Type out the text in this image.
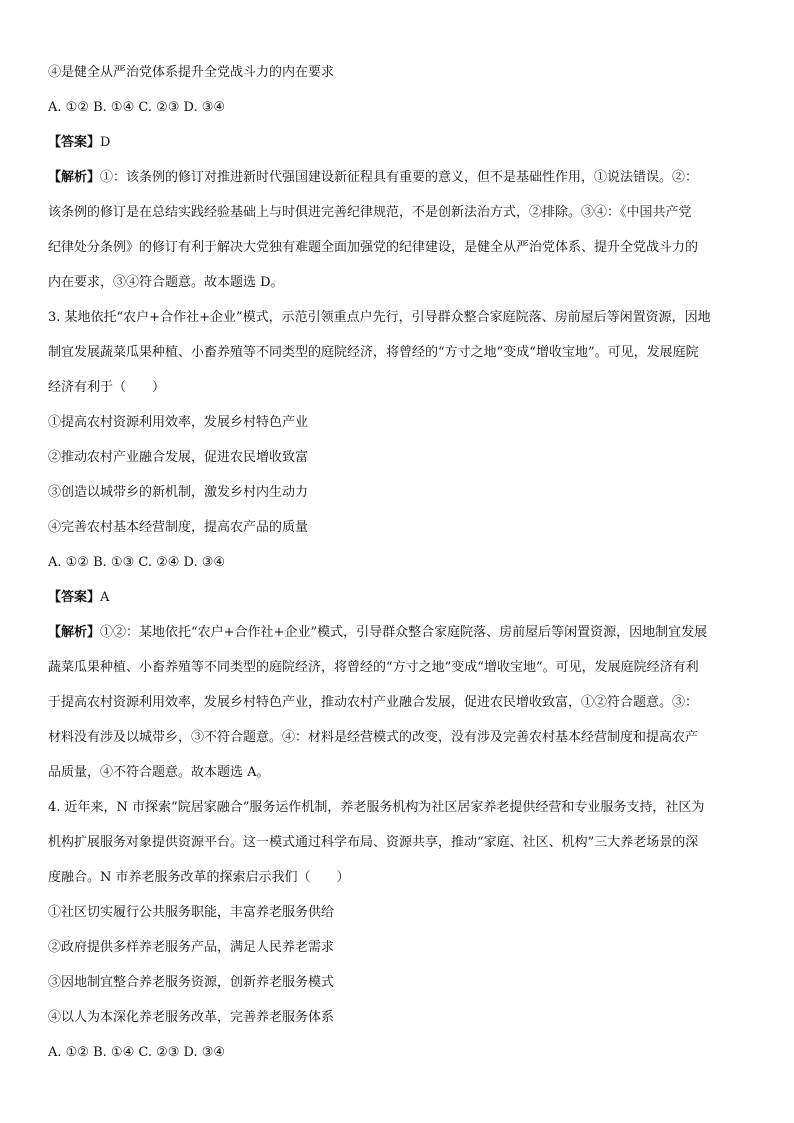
④是健全从严治党体系提升全党战斗力的内在要求
A. ①② B. ①④ C. ②③ D. ③④
【答案】D
【解析】①：该条例的修订对推进新时代强国建设新征程具有重要的意义，但不是基础性作用，①说法错误。②：
该条例的修订是在总结实践经验基础上与时俱进完善纪律规范，不是创新法治方式，②排除。③④：《中国共产党
纪律处分条例》的修订有利于解决大党独有难题全面加强党的纪律建设，是健全从严治党体系、提升全党战斗力的
内在要求，③④符合题意。故本题选 D。
3. 某地依托“农户+合作社+企业”模式，示范引领重点户先行，引导群众整合家庭院落、房前屋后等闲置资源，因地
制宜发展蔬菜瓜果种植、小畜养殖等不同类型的庭院经济，将曾经的“方寸之地”变成“增收宝地”。可见，发展庭院
经济有利于（　　）
①提高农村资源利用效率，发展乡村特色产业
②推动农村产业融合发展，促进农民增收致富
③创造以城带乡的新机制，激发乡村内生动力
④完善农村基本经营制度，提高农产品的质量
A. ①② B. ①③ C. ②④ D. ③④
【答案】A
【解析】①②：某地依托“农户+合作社+企业”模式，引导群众整合家庭院落、房前屋后等闲置资源，因地制宜发展
蔬菜瓜果种植、小畜养殖等不同类型的庭院经济，将曾经的“方寸之地”变成“增收宝地”。可见，发展庭院经济有利
于提高农村资源利用效率，发展乡村特色产业，推动农村产业融合发展，促进农民增收致富，①②符合题意。③：
材料没有涉及以城带乡，③不符合题意。④：材料是经营模式的改变，没有涉及完善农村基本经营制度和提高农产
品质量，④不符合题意。故本题选 A。
4. 近年来，N 市探索“院居家融合”服务运作机制，养老服务机构为社区居家养老提供经营和专业服务支持，社区为
机构扩展服务对象提供资源平台。这一模式通过科学布局、资源共享，推动“家庭、社区、机构”三大养老场景的深
度融合。N 市养老服务改革的探索启示我们（　　）
①社区切实履行公共服务职能，丰富养老服务供给
②政府提供多样养老服务产品，满足人民养老需求
③因地制宜整合养老服务资源，创新养老服务模式
④以人为本深化养老服务改革，完善养老服务体系
A. ①② B. ①④ C. ②③ D. ③④
